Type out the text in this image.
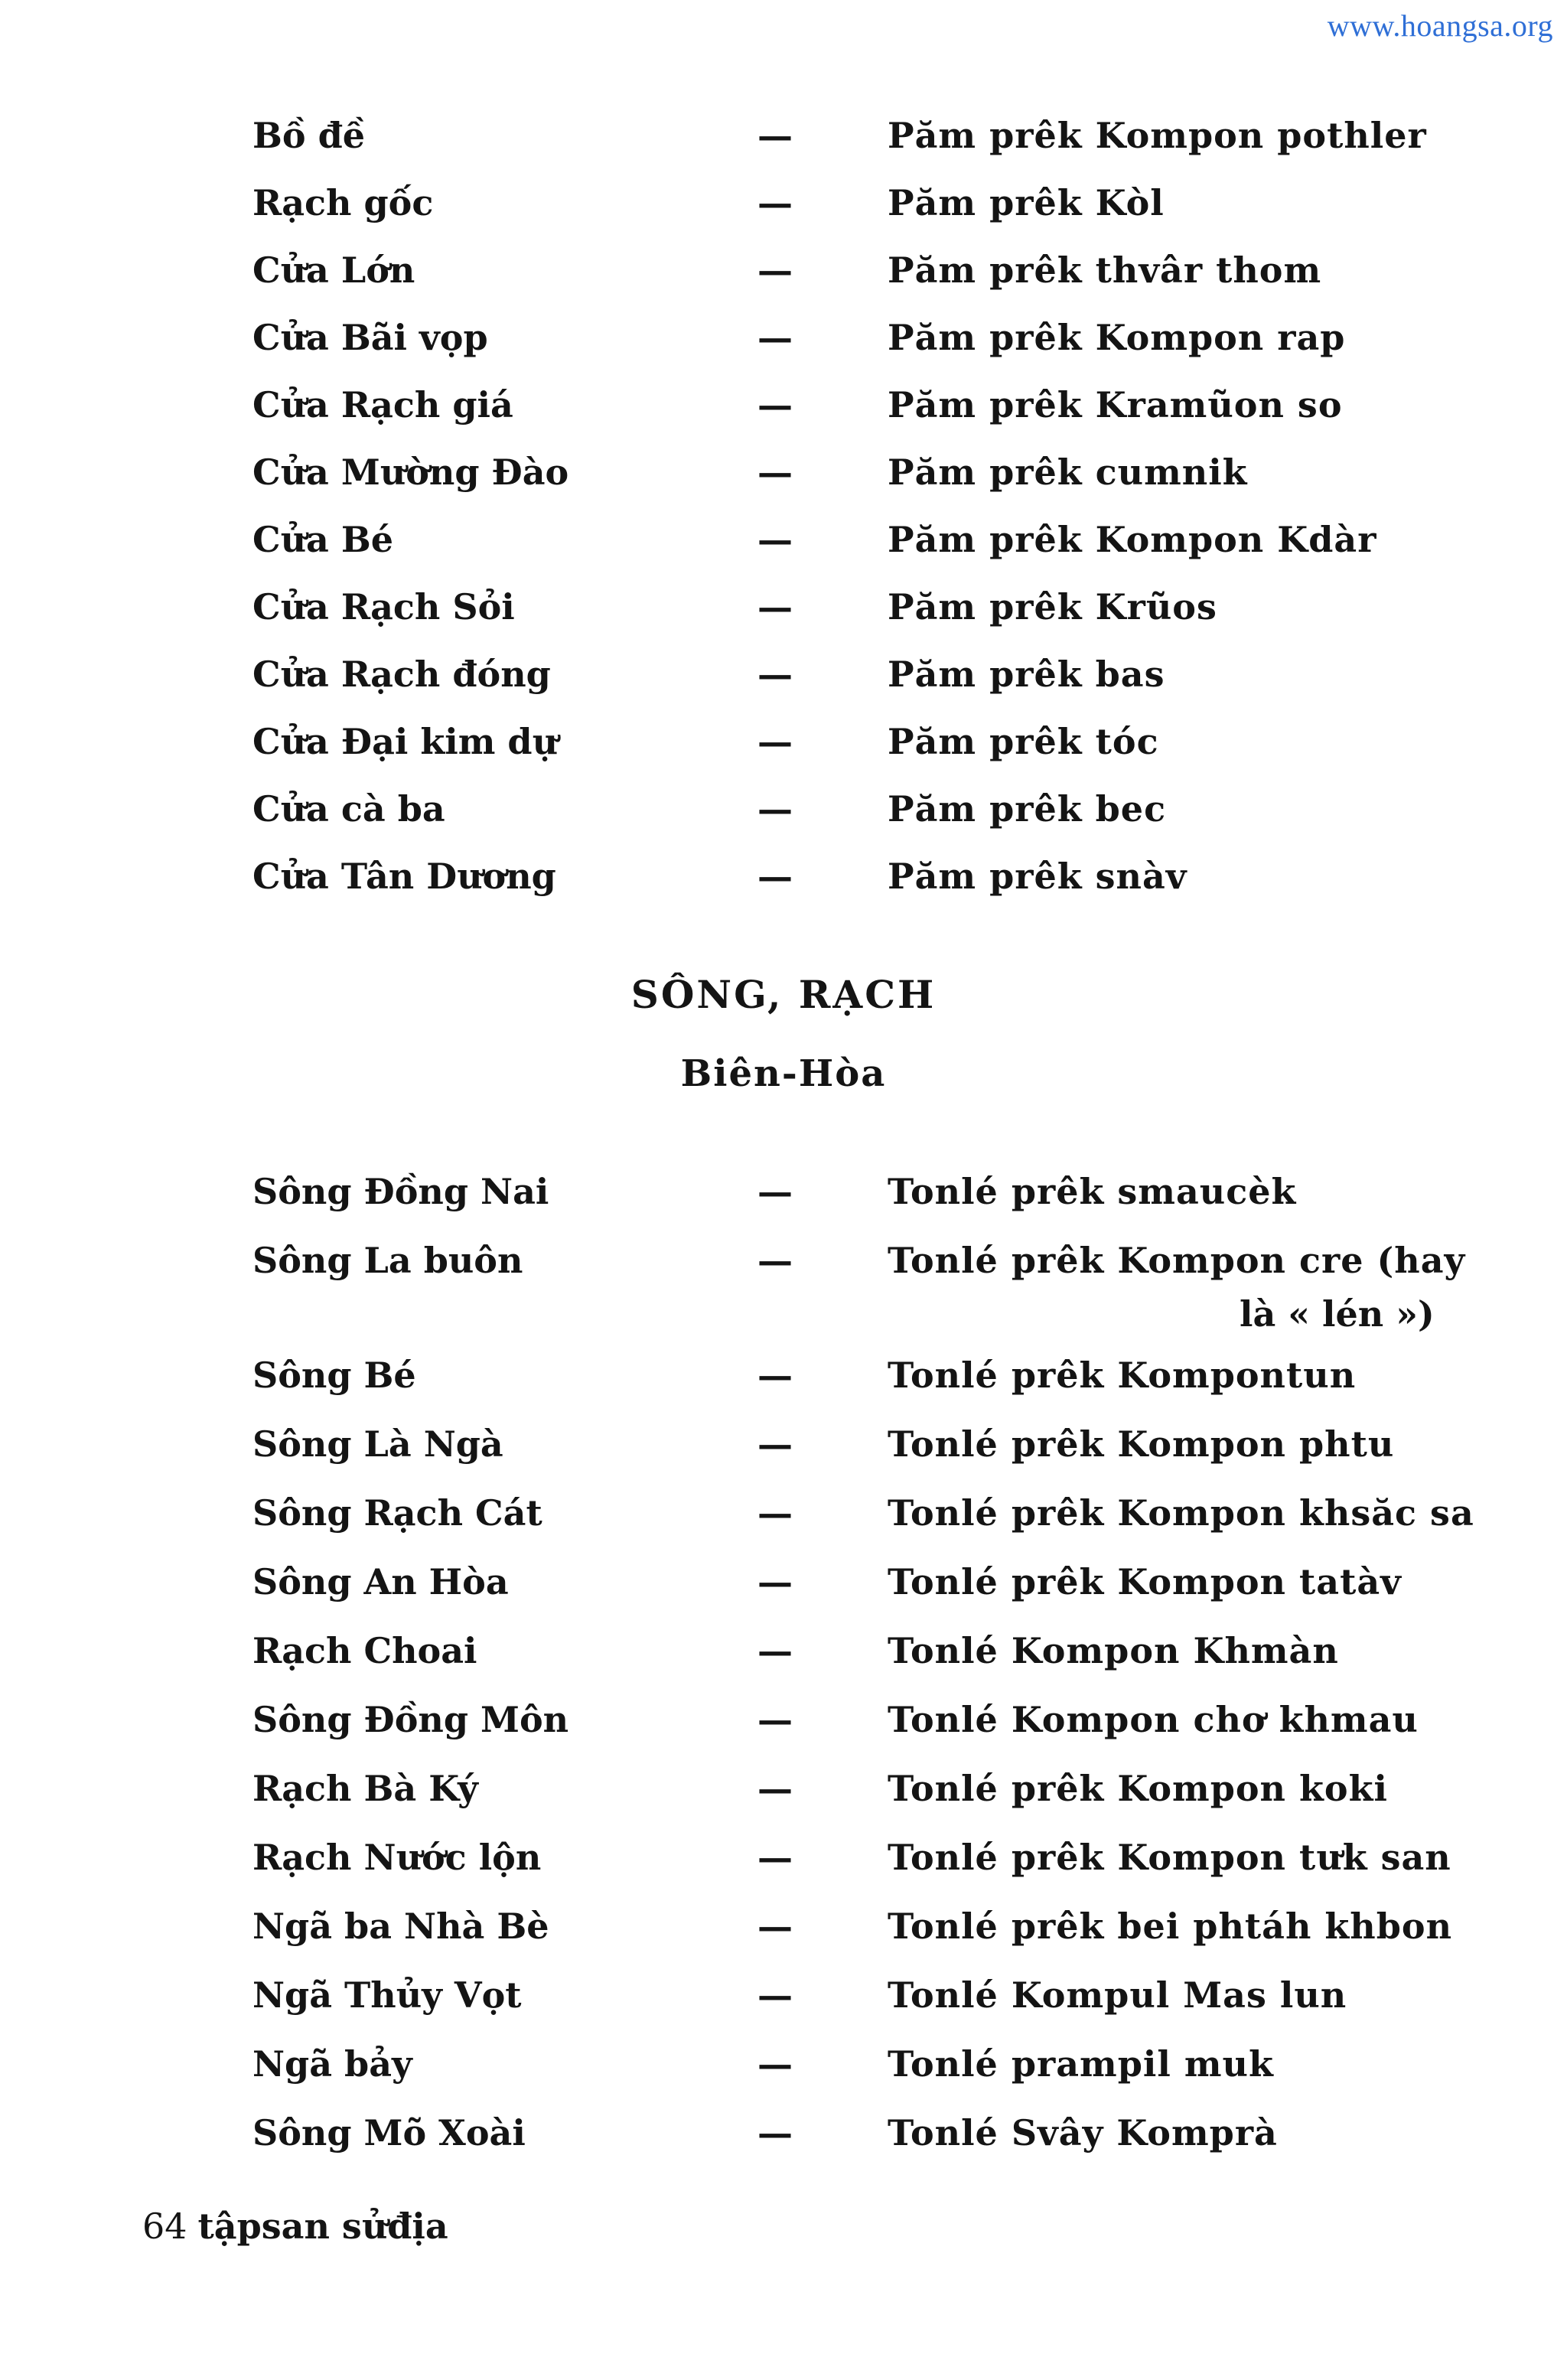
www.hoangsa.org
Bồ đề	—	Păm prêk Kompon pothler
Rạch gốc	—	Păm prêk Kòl
Cửa Lớn	—	Păm prêk thvâr thom
Cửa Bãi vọp	—	Păm prêk Kompon rap
Cửa Rạch giá	—	Păm prêk Kramũon so
Cửa Mường Đào	—	Păm prêk cumnik
Cửa Bé	—	Păm prêk Kompon Kdàr
Cửa Rạch Sỏi	—	Păm prêk Krũos
Cửa Rạch đóng	—	Păm prêk bas
Cửa Đại kim dự	—	Păm prêk tóc
Cửa cà ba	—	Păm prêk bec
Cửa Tân Dương	—	Păm prêk snàv
SÔNG, RẠCH
Biên-Hòa
Sông Đồng Nai	—	Tonlé prêk smaucèk
Sông La buôn	—	Tonlé prêk Kompon cre (hay
là « lén »)
Sông Bé	—	Tonlé prêk Kompontun
Sông Là Ngà	—	Tonlé prêk Kompon phtu
Sông Rạch Cát	—	Tonlé prêk Kompon khsăc sa
Sông An Hòa	—	Tonlé prêk Kompon tatàv
Rạch Choai	—	Tonlé Kompon Khmàn
Sông Đồng Môn	—	Tonlé Kompon chơ khmau
Rạch Bà Ký	—	Tonlé prêk Kompon koki
Rạch Nước lộn	—	Tonlé prêk Kompon tưk san
Ngã ba Nhà Bè	—	Tonlé prêk bei phtáh khbon
Ngã Thủy Vọt	—	Tonlé Kompul Mas lun
Ngã bảy	—	Tonlé prampil muk
Sông Mõ Xoài	—	Tonlé Svây Komprà
64 tậpsan sửđịa
